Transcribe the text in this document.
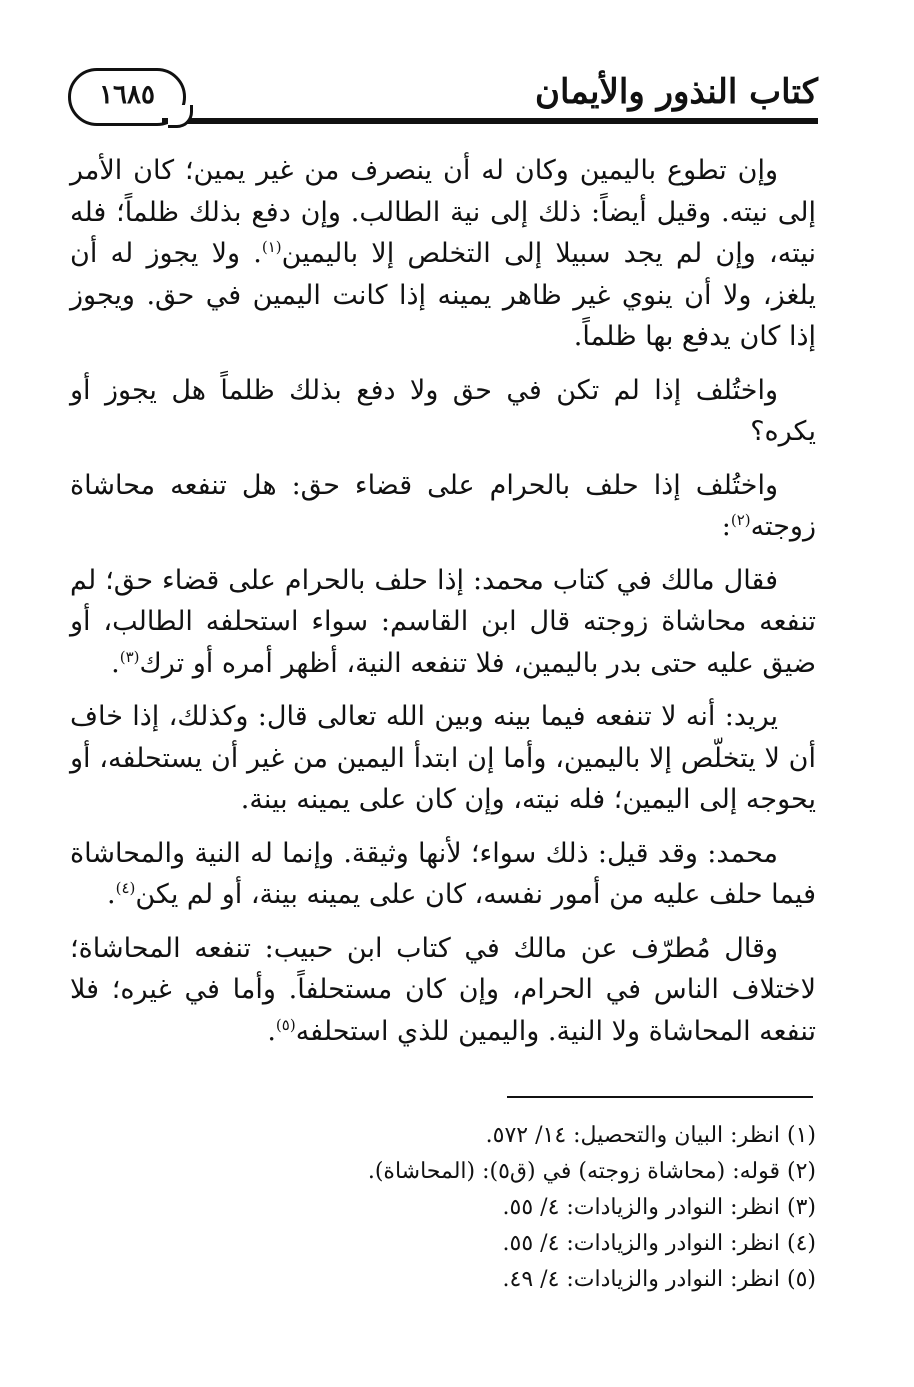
كتاب النذور والأيمان
١٦٨٥

وإن تطوع باليمين وكان له أن ينصرف من غير يمين؛ كان الأمر إلى نيته. وقيل أيضاً: ذلك إلى نية الطالب. وإن دفع بذلك ظلماً؛ فله نيته، وإن لم يجد سبيلا إلى التخلص إلا باليمين$^{(١)}$. ولا يجوز له أن يلغز، ولا أن ينوي غير ظاهر يمينه إذا كانت اليمين في حق. ويجوز إذا كان يدفع بها ظلماً.

واختُلف إذا لم تكن في حق ولا دفع بذلك ظلماً هل يجوز أو يكره؟

واختُلف إذا حلف بالحرام على قضاء حق: هل تنفعه محاشاة زوجته$^{(٢)}$:

فقال مالك في كتاب محمد: إذا حلف بالحرام على قضاء حق؛ لم تنفعه محاشاة زوجته قال ابن القاسم: سواء استحلفه الطالب، أو ضيق عليه حتى بدر باليمين، فلا تنفعه النية، أظهر أمره أو ترك$^{(٣)}$.

يريد: أنه لا تنفعه فيما بينه وبين الله تعالى قال: وكذلك، إذا خاف أن لا يتخلّص إلا باليمين، وأما إن ابتدأ اليمين من غير أن يستحلفه، أو يحوجه إلى اليمين؛ فله نيته، وإن كان على يمينه بينة.

محمد: وقد قيل: ذلك سواء؛ لأنها وثيقة. وإنما له النية والمحاشاة فيما حلف عليه من أمور نفسه، كان على يمينه بينة، أو لم يكن$^{(٤)}$.

وقال مُطرّف عن مالك في كتاب ابن حبيب: تنفعه المحاشاة؛ لاختلاف الناس في الحرام، وإن كان مستحلفاً. وأما في غيره؛ فلا تنفعه المحاشاة ولا النية. واليمين للذي استحلفه$^{(٥)}$.

(١) انظر: البيان والتحصيل: ١٤/ ٥٧٢.
(٢) قوله: (محاشاة زوجته) في (ق٥): (المحاشاة).
(٣) انظر: النوادر والزيادات: ٤/ ٥٥.
(٤) انظر: النوادر والزيادات: ٤/ ٥٥.
(٥) انظر: النوادر والزيادات: ٤/ ٤٩.
